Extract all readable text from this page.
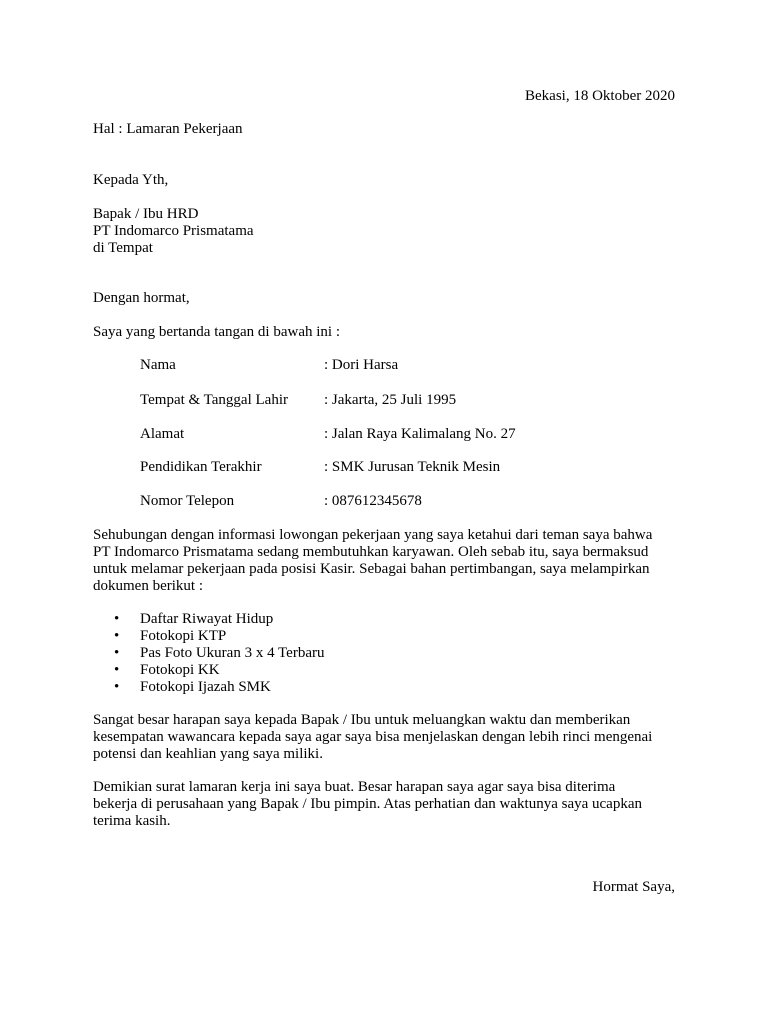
Bekasi, 18 Oktober 2020
Hal : Lamaran Pekerjaan
Kepada Yth,
Bapak / Ibu HRD
PT Indomarco Prismatama
di Tempat
Dengan hormat,
Saya yang bertanda tangan di bawah ini :
Nama	: Dori Harsa
Tempat & Tanggal Lahir : Jakarta, 25 Juli 1995
Alamat	: Jalan Raya Kalimalang No. 27
Pendidikan Terakhir	: SMK Jurusan Teknik Mesin
Nomor Telepon	: 087612345678
Sehubungan dengan informasi lowongan pekerjaan yang saya ketahui dari teman saya bahwa
PT Indomarco Prismatama sedang membutuhkan karyawan. Oleh sebab itu, saya bermaksud
untuk melamar pekerjaan pada posisi Kasir. Sebagai bahan pertimbangan, saya melampirkan
dokumen berikut :
• Daftar Riwayat Hidup
• Fotokopi KTP
• Pas Foto Ukuran 3 x 4 Terbaru
• Fotokopi KK
• Fotokopi Ijazah SMK
Sangat besar harapan saya kepada Bapak / Ibu untuk meluangkan waktu dan memberikan
kesempatan wawancara kepada saya agar saya bisa menjelaskan dengan lebih rinci mengenai
potensi dan keahlian yang saya miliki.
Demikian surat lamaran kerja ini saya buat. Besar harapan saya agar saya bisa diterima
bekerja di perusahaan yang Bapak / Ibu pimpin. Atas perhatian dan waktunya saya ucapkan
terima kasih.
Hormat Saya,
